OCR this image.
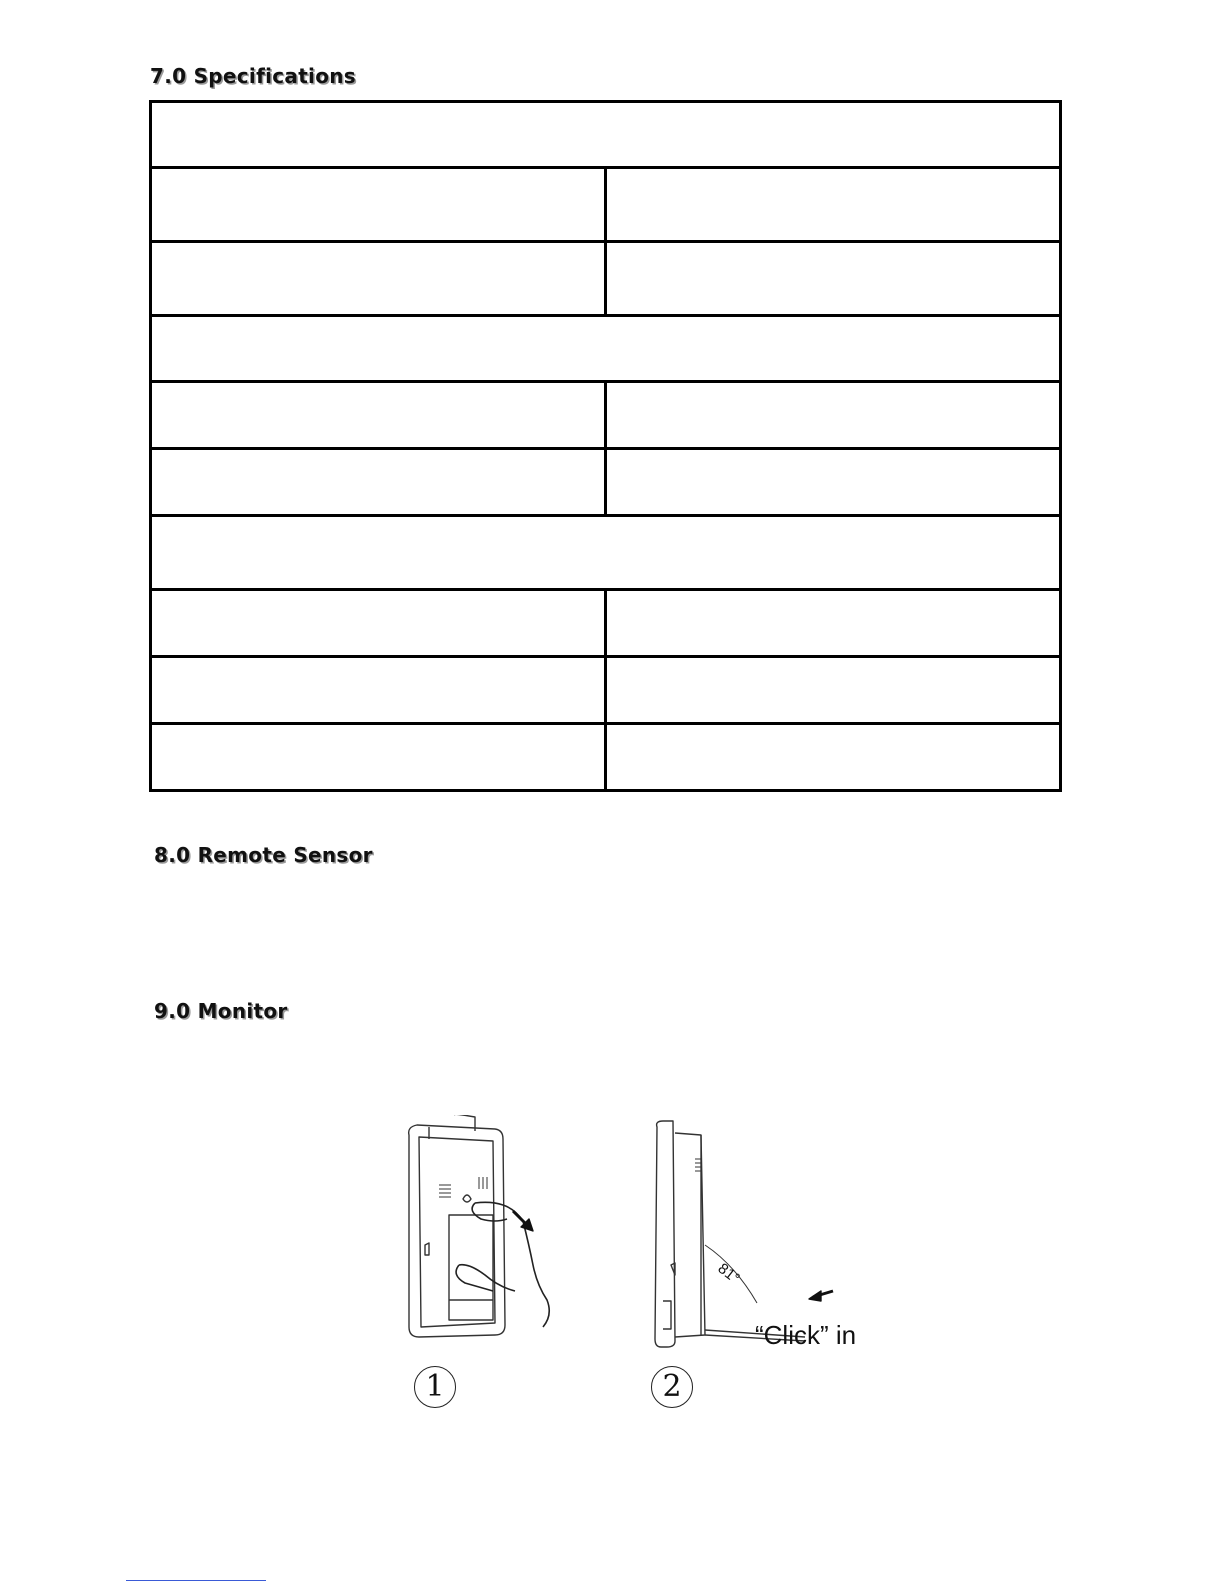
7.0 Specifications

8.0 Remote Sensor
9.0 Monitor
81°
“Click” in
1	2
